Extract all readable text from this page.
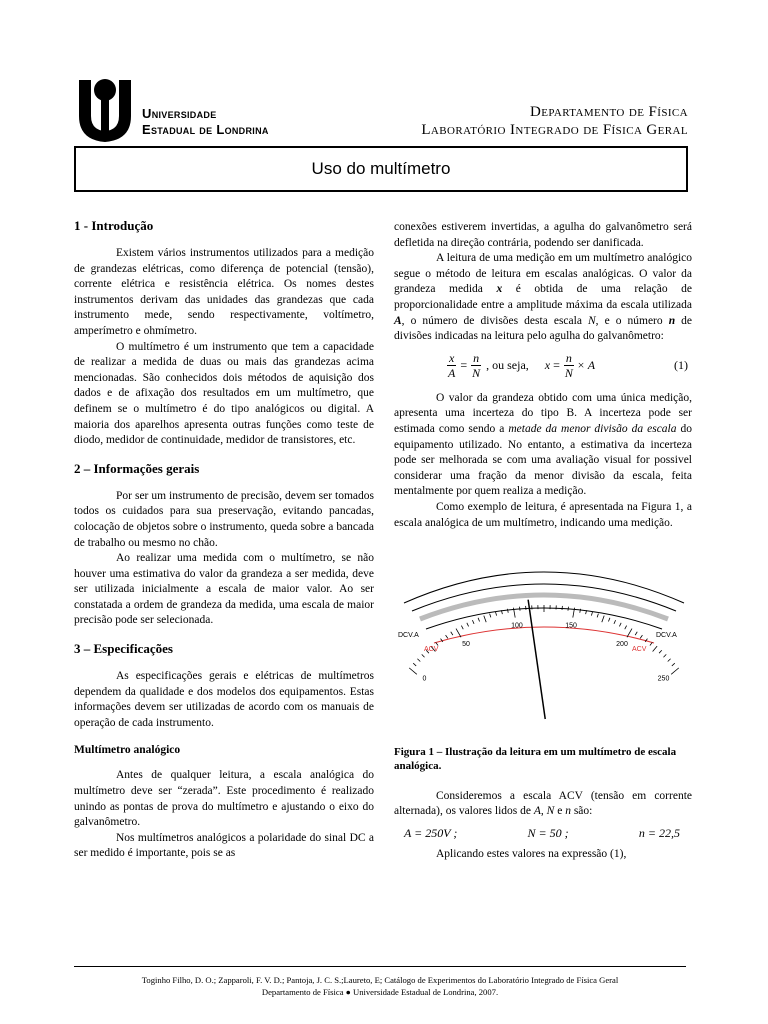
Universidade
Estadual de Londrina
Departamento de Física
Laboratório Integrado de Física Geral
Uso do multímetro
1 - Introdução

Existem vários instrumentos utilizados para a medição de grandezas elétricas, como diferença de potencial (tensão), corrente elétrica e resistência elétrica. Os nomes destes instrumentos derivam das unidades das grandezas que cada instrumento mede, sendo respectivamente, voltímetro, amperímetro e ohmímetro.

O multímetro é um instrumento que tem a capacidade de realizar a medida de duas ou mais das grandezas acima mencionadas. São conhecidos dois métodos de aquisição dos dados e de afixação dos resultados em um multímetro, que definem se o multímetro é do tipo analógicos ou digital. A maioria dos aparelhos apresenta outras funções como teste de diodo, medidor de continuidade, medidor de transistores, etc.

2 – Informações gerais

Por ser um instrumento de precisão, devem ser tomados todos os cuidados para sua preservação, evitando pancadas, colocação de objetos sobre o instrumento, queda sobre a bancada de trabalho ou mesmo no chão.

Ao realizar uma medida com o multímetro, se não houver uma estimativa do valor da grandeza a ser medida, deve ser utilizada inicialmente a escala de maior valor. Ao ser constatada a ordem de grandeza da medida, uma escala de maior precisão pode ser selecionada.

3 – Especificações

As especificações gerais e elétricas de multímetros dependem da qualidade e dos modelos dos equipamentos. Estas informações devem ser utilizadas de acordo com os manuais de operação de cada instrumento.

Multímetro analógico

Antes de qualquer leitura, a escala analógica do multímetro deve ser “zerada”. Este procedimento é realizado unindo as pontas de prova do multímetro e ajustando o eixo do galvanômetro.

Nos multímetros analógicos a polaridade do sinal DC a ser medido é importante, pois se as

conexões estiverem invertidas, a agulha do galvanômetro será defletida na direção contrária, podendo ser danificada.

A leitura de uma medição em um multímetro analógico segue o método de leitura em escalas analógicas. O valor da grandeza medida x é obtida de uma relação de proporcionalidade entre a amplitude máxima da escala utilizada A, o número de divisões desta escala N, e o número n de divisões indicadas na leitura pelo agulha do galvanômetro:

$\frac{x}{A} = \frac{n}{N}$ , ou seja, $x = \frac{n}{N} \times A$	(1)

O valor da grandeza obtido com uma única medição, apresenta uma incerteza do tipo B. A incerteza pode ser estimada como sendo a metade da menor divisão da escala do equipamento utilizado. No entanto, a estimativa da incerteza pode ser melhorada se com uma avaliação visual for possivel considerar uma fração da menor divisão da escala, feita mentalmente por quem realiza a medição.

Como exemplo de leitura, é apresentada na Figura 1, a escala analógica de um multímetro, indicando uma medição.

0
50
100	150
200
250
DCV.A	DCV.A
ACV	ACV
Figura 1 – Ilustração da leitura em um multímetro de escala analógica.

Consideremos a escala ACV (tensão em corrente alternada), os valores lidos de A, N e n são:

A = 250V ;	N = 50 ;	n = 22,5

Aplicando estes valores na expressão (1),

Toginho Filho, D. O.; Zapparoli, F. V. D.; Pantoja, J. C. S.;Laureto, E; Catálogo de Experimentos do Laboratório Integrado de Física Geral
Departamento de Física ● Universidade Estadual de Londrina, 2007.
